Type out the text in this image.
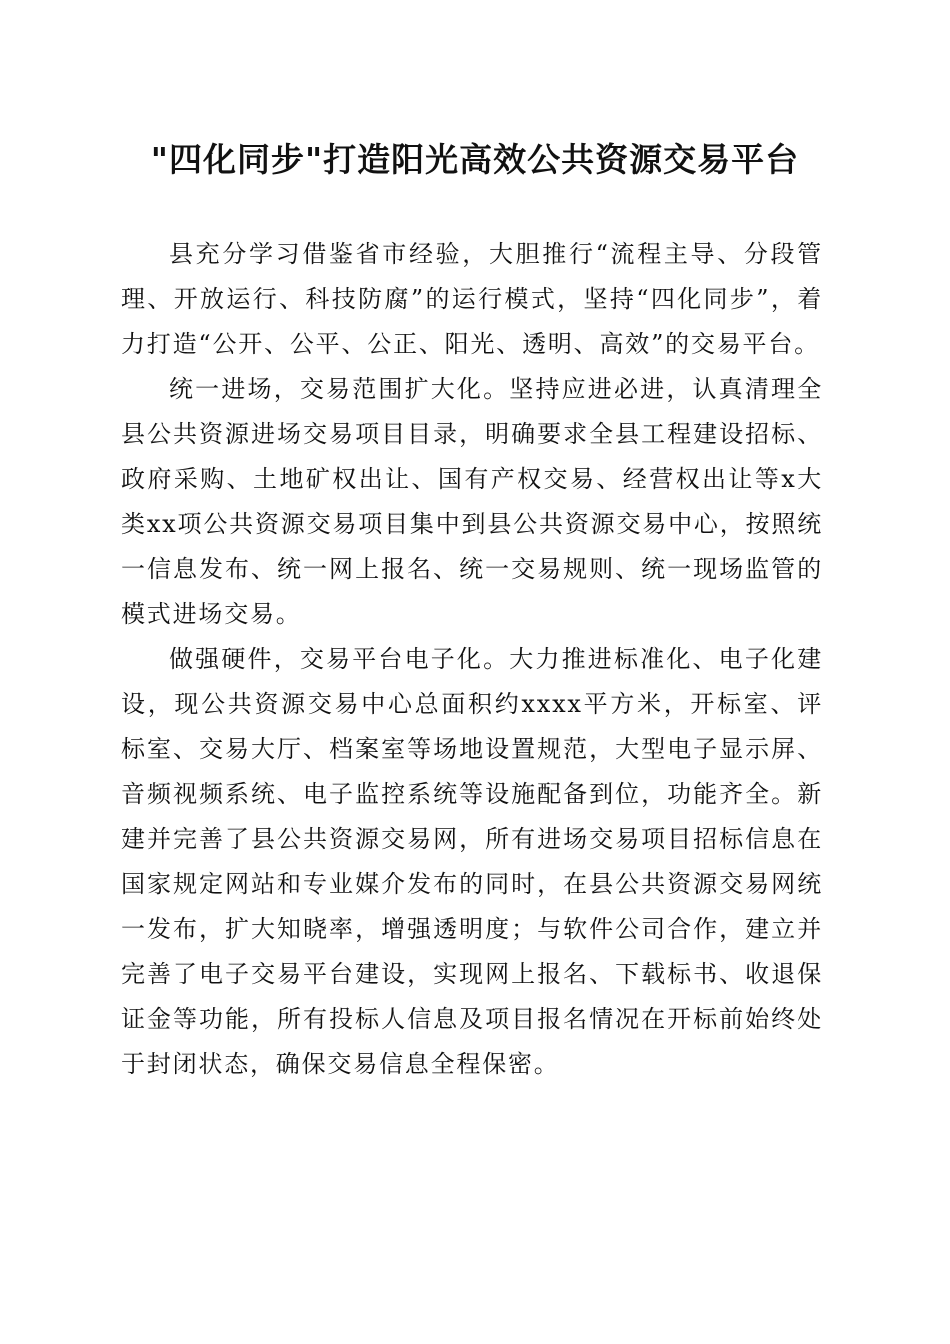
"四化同步"打造阳光高效公共资源交易平台

县充分学习借鉴省市经验，大胆推行“流程主导、分段管理、开放运行、科技防腐”的运行模式，坚持“四化同步”，着力打造“公开、公平、公正、阳光、透明、高效”的交易平台。

统一进场，交易范围扩大化。坚持应进必进，认真清理全县公共资源进场交易项目目录，明确要求全县工程建设招标、政府采购、土地矿权出让、国有产权交易、经营权出让等x大类xx项公共资源交易项目集中到县公共资源交易中心，按照统一信息发布、统一网上报名、统一交易规则、统一现场监管的模式进场交易。

做强硬件，交易平台电子化。大力推进标准化、电子化建设，现公共资源交易中心总面积约xxxx平方米，开标室、评标室、交易大厅、档案室等场地设置规范，大型电子显示屏、音频视频系统、电子监控系统等设施配备到位，功能齐全。新建并完善了县公共资源交易网，所有进场交易项目招标信息在国家规定网站和专业媒介发布的同时，在县公共资源交易网统一发布，扩大知晓率，增强透明度；与软件公司合作，建立并完善了电子交易平台建设，实现网上报名、下载标书、收退保证金等功能，所有投标人信息及项目报名情况在开标前始终处于封闭状态，确保交易信息全程保密。
